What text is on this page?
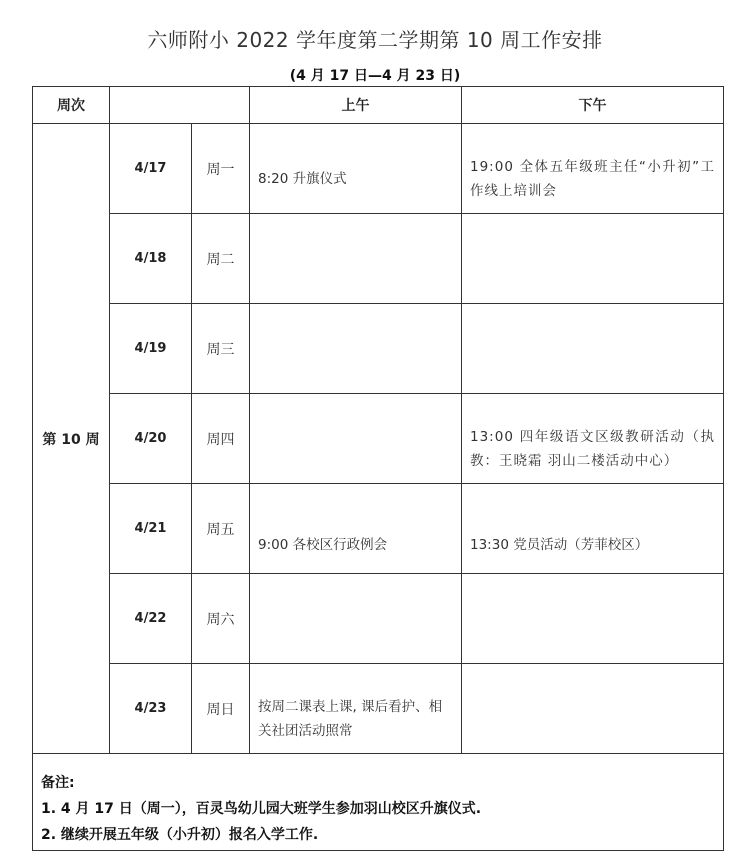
六师附小 2022 学年度第二学期第 10 周工作安排
(4 月 17 日—4 月 23 日)
周次			上午	下午
第 10 周	4/17	周一	8:20 升旗仪式	19:00 全体五年级班主任“小升初”工作线上培训会

	4/18	周二	

	4/19	周三	

	4/20	周四		13:00 四年级语文区级教研活动（执教：王晓霜 羽山二楼活动中心）

	4/21	周五	9:00 各校区行政例会	13:30 党员活动（芳菲校区）

	4/22	周六	

	4/23	周日	按周二课表上课, 课后看护、相关社团活动照常	

备注:
1. 4 月 17 日（周一），百灵鸟幼儿园大班学生参加羽山校区升旗仪式.
2. 继续开展五年级（小升初）报名入学工作.				
